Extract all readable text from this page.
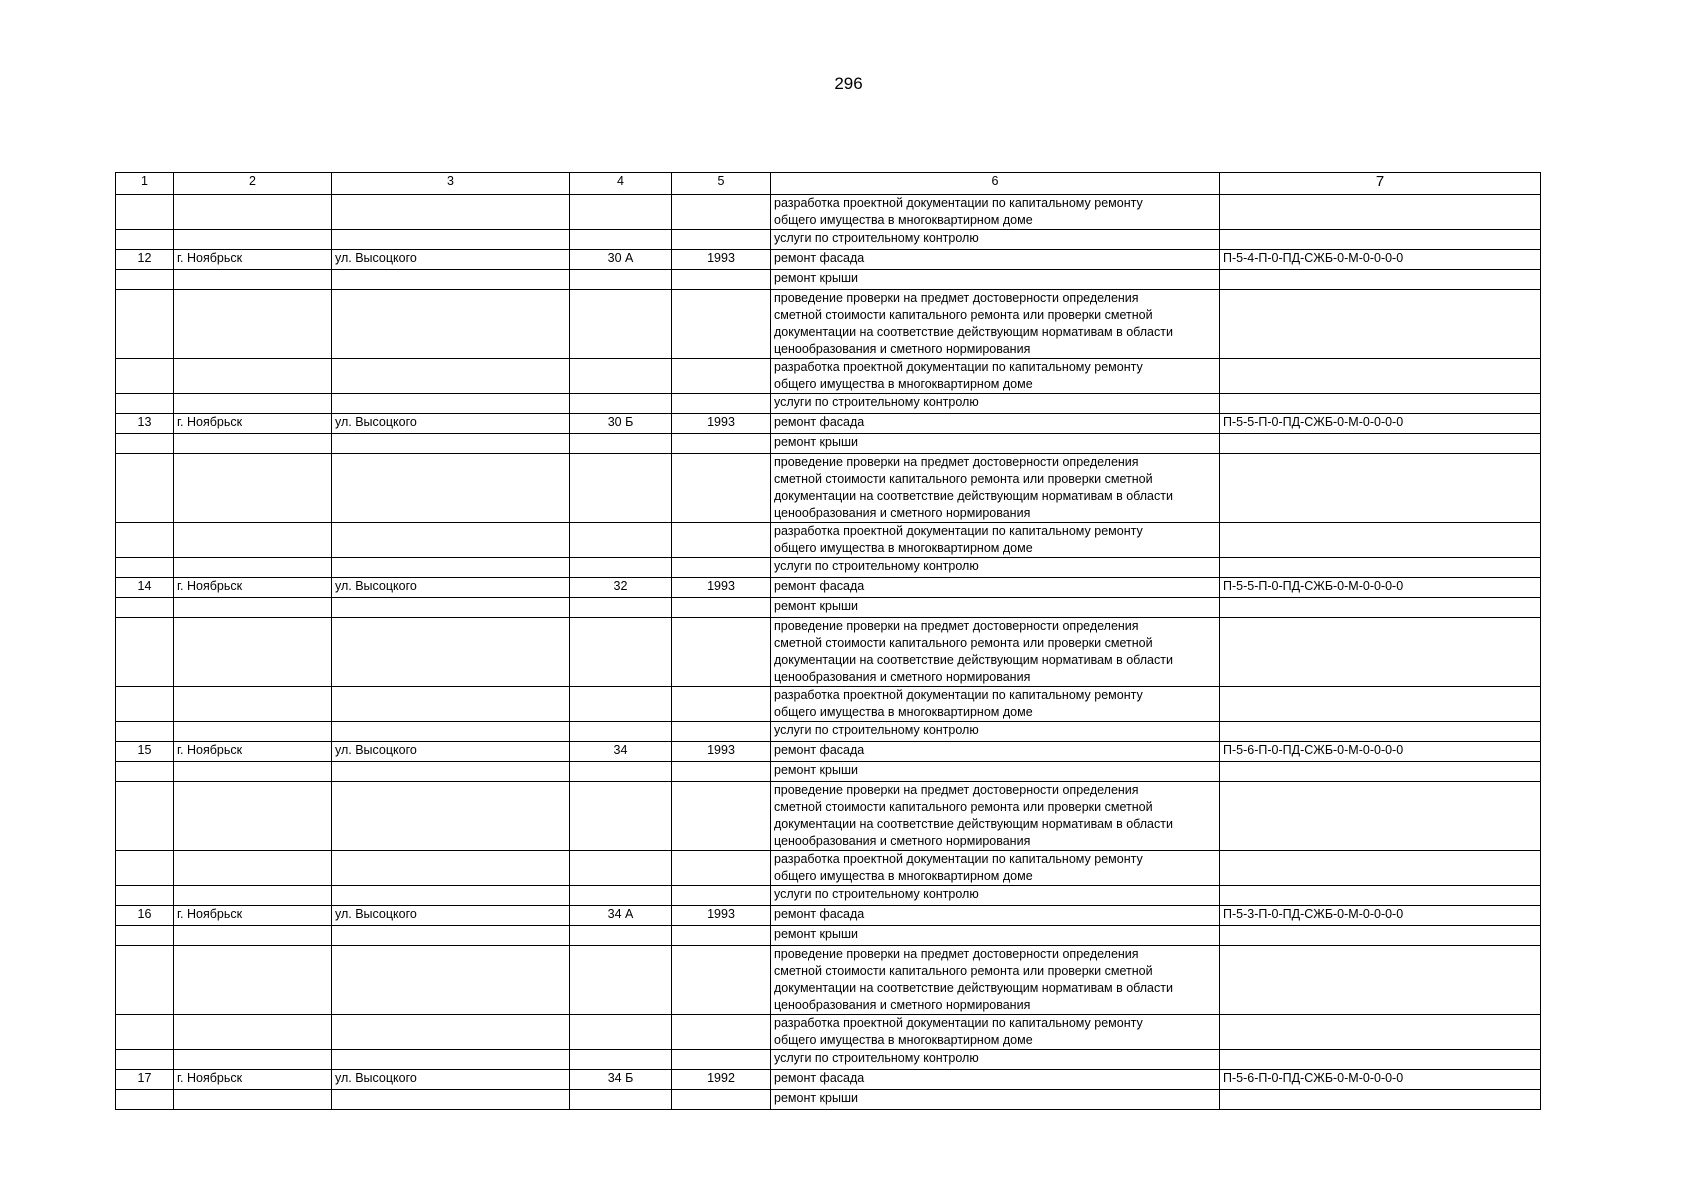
296
1	2	3	4	5	6	7
					разработка проектной документации по капитальному ремонту
общего имущества в многоквартирном доме	
					услуги по строительному контролю	
12	г. Ноябрьск	ул. Высоцкого	30 А	1993	ремонт фасада	П-5-4-П-0-ПД-СЖБ-0-М-0-0-0-0
					ремонт крыши	
					проведение проверки на предмет достоверности определения
сметной стоимости капитального ремонта или проверки сметной
документации на соответствие действующим нормативам в области
ценообразования и сметного нормирования	
					разработка проектной документации по капитальному ремонту
общего имущества в многоквартирном доме	
					услуги по строительному контролю	
13	г. Ноябрьск	ул. Высоцкого	30 Б	1993	ремонт фасада	П-5-5-П-0-ПД-СЖБ-0-М-0-0-0-0
					ремонт крыши	
					проведение проверки на предмет достоверности определения
сметной стоимости капитального ремонта или проверки сметной
документации на соответствие действующим нормативам в области
ценообразования и сметного нормирования	
					разработка проектной документации по капитальному ремонту
общего имущества в многоквартирном доме	
					услуги по строительному контролю	
14	г. Ноябрьск	ул. Высоцкого	32	1993	ремонт фасада	П-5-5-П-0-ПД-СЖБ-0-М-0-0-0-0
					ремонт крыши	
					проведение проверки на предмет достоверности определения
сметной стоимости капитального ремонта или проверки сметной
документации на соответствие действующим нормативам в области
ценообразования и сметного нормирования	
					разработка проектной документации по капитальному ремонту
общего имущества в многоквартирном доме	
					услуги по строительному контролю	
15	г. Ноябрьск	ул. Высоцкого	34	1993	ремонт фасада	П-5-6-П-0-ПД-СЖБ-0-М-0-0-0-0
					ремонт крыши	
					проведение проверки на предмет достоверности определения
сметной стоимости капитального ремонта или проверки сметной
документации на соответствие действующим нормативам в области
ценообразования и сметного нормирования	
					разработка проектной документации по капитальному ремонту
общего имущества в многоквартирном доме	
					услуги по строительному контролю	
16	г. Ноябрьск	ул. Высоцкого	34 А	1993	ремонт фасада	П-5-3-П-0-ПД-СЖБ-0-М-0-0-0-0
					ремонт крыши	
					проведение проверки на предмет достоверности определения
сметной стоимости капитального ремонта или проверки сметной
документации на соответствие действующим нормативам в области
ценообразования и сметного нормирования	
					разработка проектной документации по капитальному ремонту
общего имущества в многоквартирном доме	
					услуги по строительному контролю	
17	г. Ноябрьск	ул. Высоцкого	34 Б	1992	ремонт фасада	П-5-6-П-0-ПД-СЖБ-0-М-0-0-0-0
					ремонт крыши	
